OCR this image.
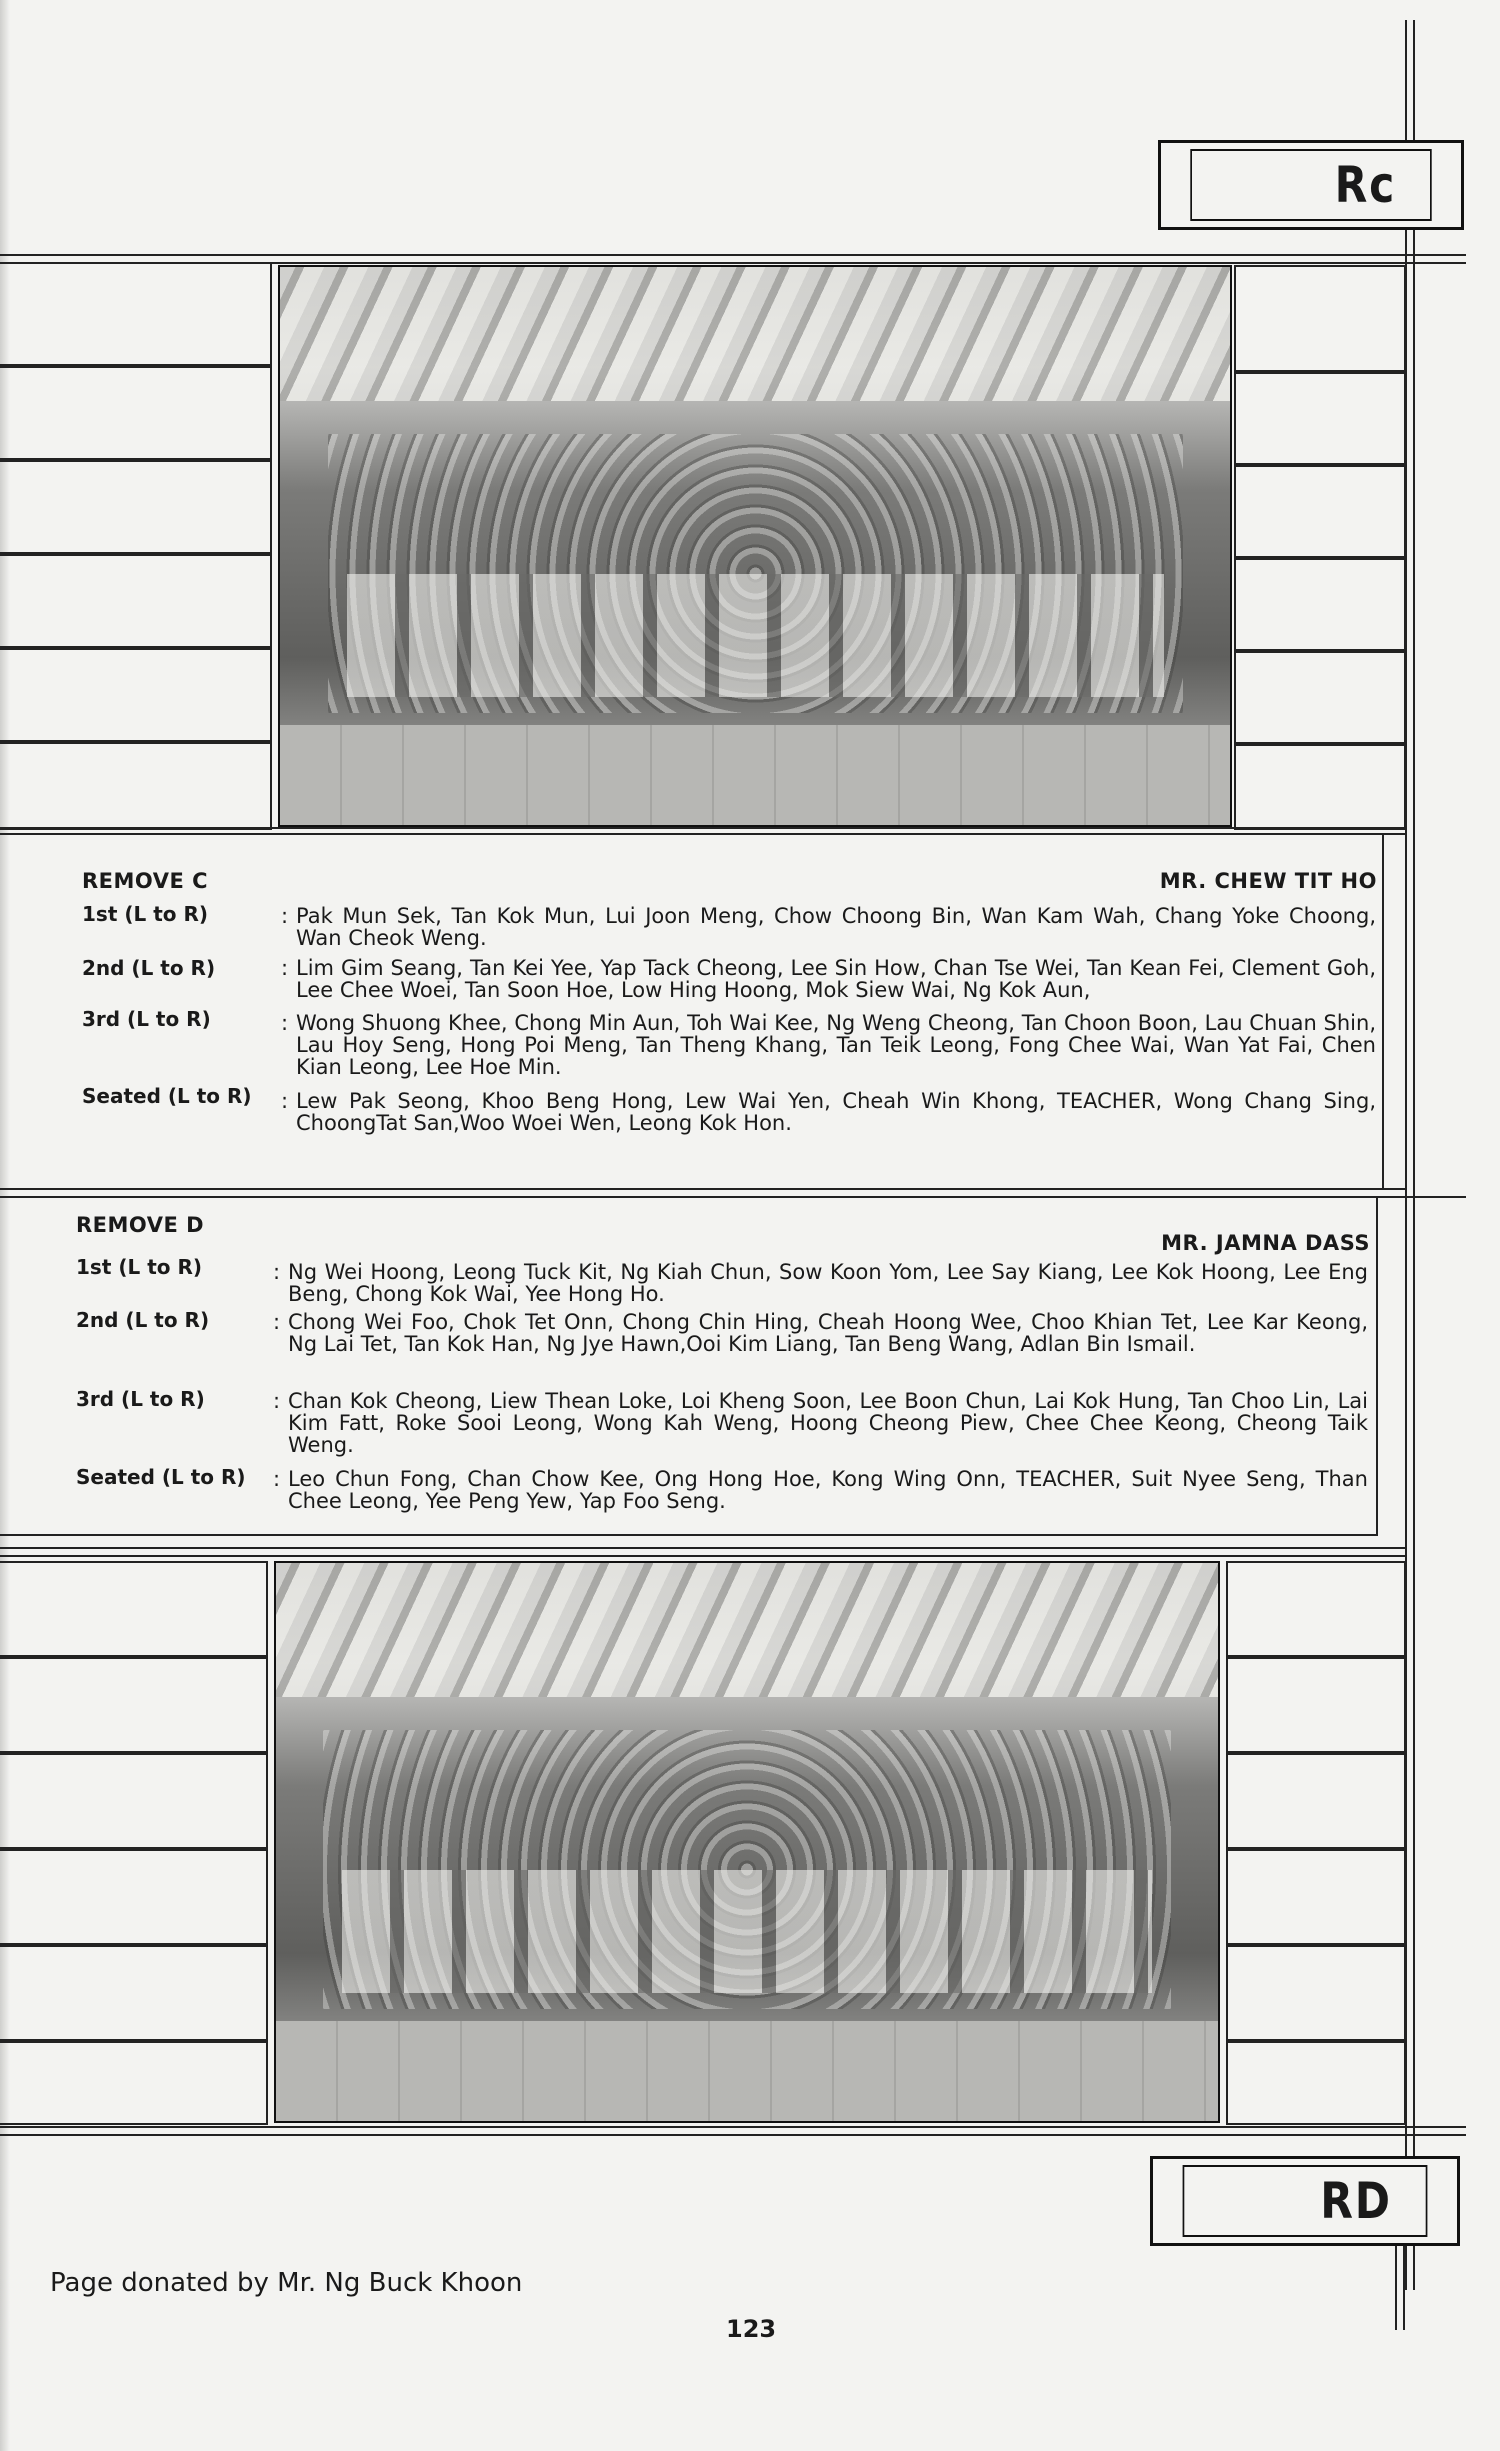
Rc
REMOVE C	MR. CHEW TIT HO
1st (L to R)	: Pak Mun Sek, Tan Kok Mun, Lui Joon Meng, Chow Choong Bin, Wan Kam Wah, Chang Yoke Choong, Wan Cheok Weng.
2nd (L to R)	: Lim Gim Seang, Tan Kei Yee, Yap Tack Cheong, Lee Sin How, Chan Tse Wei, Tan Kean Fei, Clement Goh, Lee Chee Woei, Tan Soon Hoe, Low Hing Hoong, Mok Siew Wai, Ng Kok Aun,
3rd (L to R)	: Wong Shuong Khee, Chong Min Aun, Toh Wai Kee, Ng Weng Cheong, Tan Choon Boon, Lau Chuan Shin, Lau Hoy Seng, Hong Poi Meng, Tan Theng Khang, Tan Teik Leong, Fong Chee Wai, Wan Yat Fai, Chen Kian Leong, Lee Hoe Min.
Seated (L to R) : Lew Pak Seong, Khoo Beng Hong, Lew Wai Yen, Cheah Win Khong, TEACHER, Wong Chang Sing, ChoongTat San,Woo Woei Wen, Leong Kok Hon.
REMOVE D
MR. JAMNA DASS
1st (L to R)	: Ng Wei Hoong, Leong Tuck Kit, Ng Kiah Chun, Sow Koon Yom, Lee Say Kiang, Lee Kok Hoong, Lee Eng Beng, Chong Kok Wai, Yee Hong Ho.
2nd (L to R)	: Chong Wei Foo, Chok Tet Onn, Chong Chin Hing, Cheah Hoong Wee, Choo Khian Tet, Lee Kar Keong, Ng Lai Tet, Tan Kok Han, Ng Jye Hawn,Ooi Kim Liang, Tan Beng Wang, Adlan Bin Ismail.
3rd (L to R)	: Chan Kok Cheong, Liew Thean Loke, Loi Kheng Soon, Lee Boon Chun, Lai Kok Hung, Tan Choo Lin, Lai Kim Fatt, Roke Sooi Leong, Wong Kah Weng, Hoong Cheong Piew, Chee Chee Keong, Cheong Taik Weng.
Seated (L to R) : Leo Chun Fong, Chan Chow Kee, Ong Hong Hoe, Kong Wing Onn, TEACHER, Suit Nyee Seng, Than Chee Leong, Yee Peng Yew, Yap Foo Seng.
RD
Page donated by Mr. Ng Buck Khoon
123
